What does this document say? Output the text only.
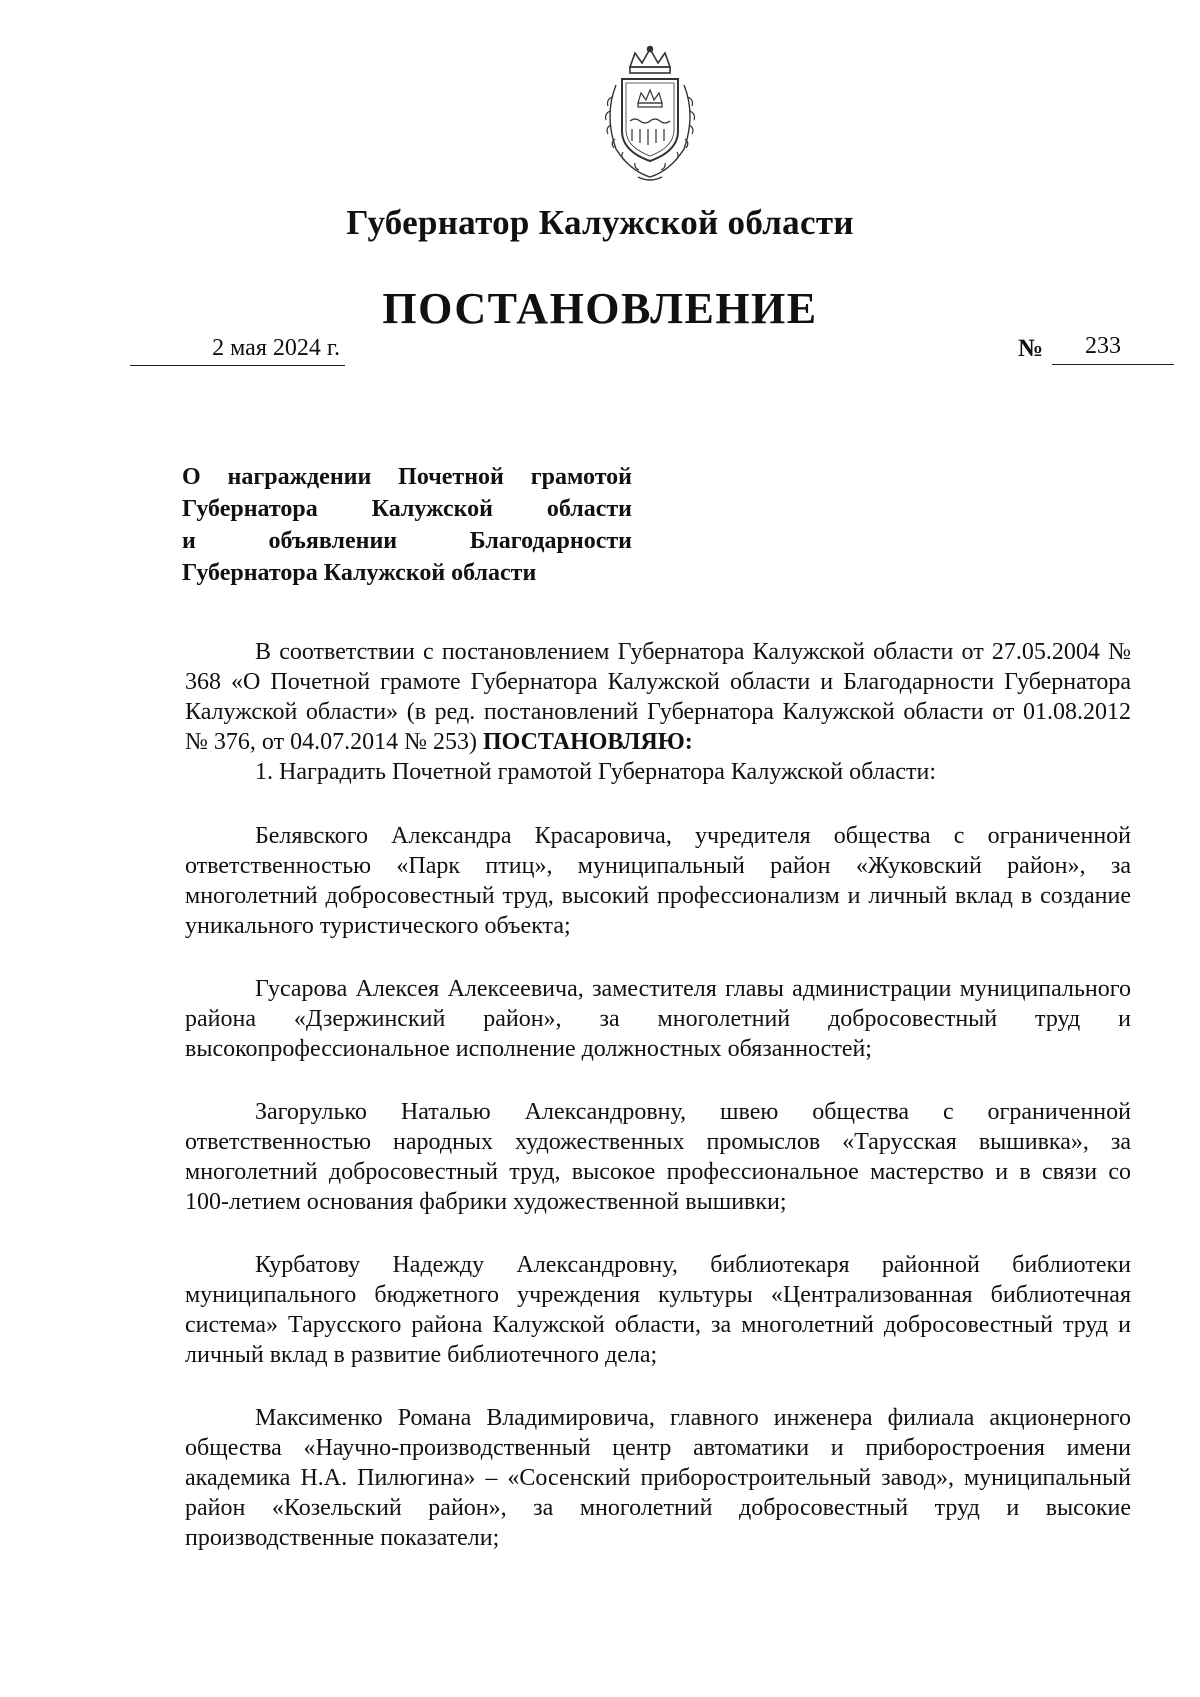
Губернатор Калужской области
ПОСТАНОВЛЕНИЕ
2 мая 2024 г.	№	233
О награждении Почетной грамотой
Губернатора Калужской области
и объявлении Благодарности
Губернатора Калужской области

В соответствии с постановлением Губернатора Калужской области от 27.05.2004 № 368 «О Почетной грамоте Губернатора Калужской области и Благодарности Губернатора Калужской области» (в ред. постановлений Губернатора Калужской области от 01.08.2012 № 376, от 04.07.2014 № 253) ПОСТАНОВЛЯЮ:

1. Наградить Почетной грамотой Губернатора Калужской области:

Белявского Александра Красаровича, учредителя общества с ограниченной ответственностью «Парк птиц», муниципальный район «Жуковский район», за многолетний добросовестный труд, высокий профессионализм и личный вклад в создание уникального туристического объекта;

Гусарова Алексея Алексеевича, заместителя главы администрации муниципального района «Дзержинский район», за многолетний добросовестный труд и высокопрофессиональное исполнение должностных обязанностей;

Загорулько Наталью Александровну, швею общества с ограниченной ответственностью народных художественных промыслов «Тарусская вышивка», за многолетний добросовестный труд, высокое профессиональное мастерство и в связи со 100-летием основания фабрики художественной вышивки;

Курбатову Надежду Александровну, библиотекаря районной библиотеки муниципального бюджетного учреждения культуры «Централизованная библиотечная система» Тарусского района Калужской области, за многолетний добросовестный труд и личный вклад в развитие библиотечного дела;

Максименко Романа Владимировича, главного инженера филиала акционерного общества «Научно-производственный центр автоматики и приборостроения имени академика Н.А. Пилюгина» – «Сосенский приборостроительный завод», муниципальный район «Козельский район», за многолетний добросовестный труд и высокие производственные показатели;
